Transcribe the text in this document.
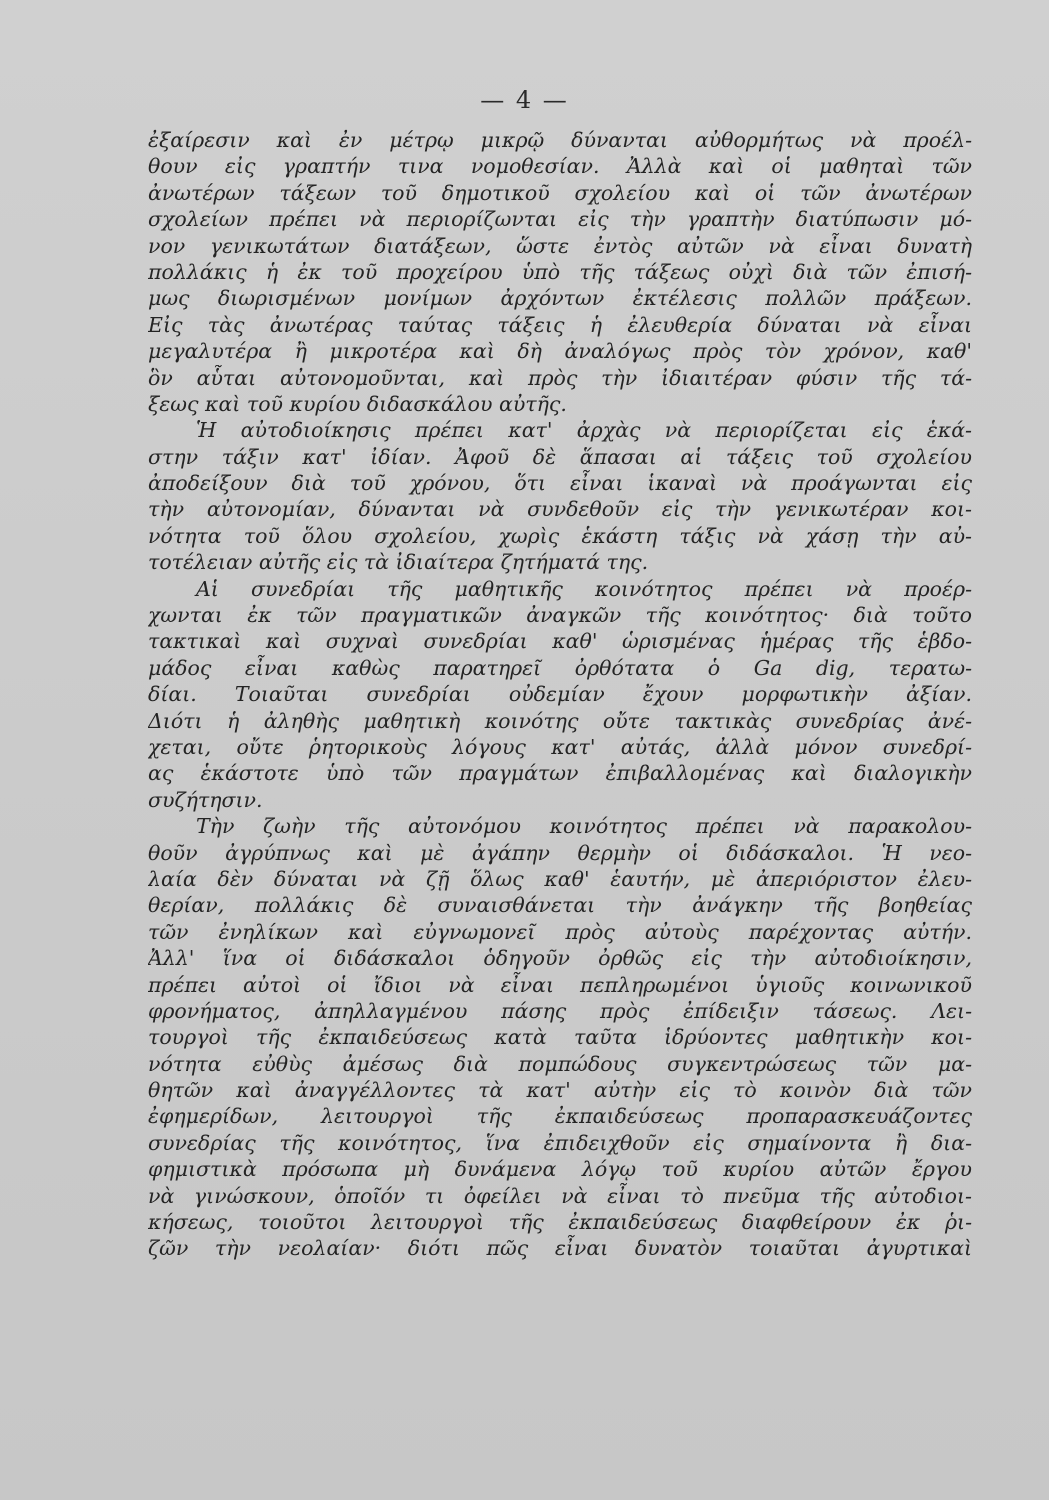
— 4 —
ἐξαίρεσιν καὶ ἐν μέτρῳ μικρῷ δύνανται αὐθορμήτως νὰ προέλ-
θουν εἰς γραπτήν τινα νομοθεσίαν. Ἀλλὰ καὶ οἱ μαθηταὶ τῶν
ἀνωτέρων τάξεων τοῦ δημοτικοῦ σχολείου καὶ οἱ τῶν ἀνωτέρων
σχολείων πρέπει νὰ περιορίζωνται εἰς τὴν γραπτὴν διατύπωσιν μό-
νον γενικωτάτων διατάξεων, ὥστε ἐντὸς αὐτῶν νὰ εἶναι δυνατὴ
πολλάκις ἡ ἐκ τοῦ προχείρου ὑπὸ τῆς τάξεως οὐχὶ διὰ τῶν ἐπισή-
μως διωρισμένων μονίμων ἀρχόντων ἐκτέλεσις πολλῶν πράξεων.
Εἰς τὰς ἀνωτέρας ταύτας τάξεις ἡ ἐλευθερία δύναται νὰ εἶναι
μεγαλυτέρα ἢ μικροτέρα καὶ δὴ ἀναλόγως πρὸς τὸν χρόνον, καθ'
ὃν αὗται αὐτονομοῦνται, καὶ πρὸς τὴν ἰδιαιτέραν φύσιν τῆς τά-
ξεως καὶ τοῦ κυρίου διδασκάλου αὐτῆς.
Ἡ αὐτοδιοίκησις πρέπει κατ' ἀρχὰς νὰ περιορίζεται εἰς ἑκά-
στην τάξιν κατ' ἰδίαν. Ἀφοῦ δὲ ἅπασαι αἱ τάξεις τοῦ σχολείου
ἀποδείξουν διὰ τοῦ χρόνου, ὅτι εἶναι ἱκαναὶ νὰ προάγωνται εἰς
τὴν αὐτονομίαν, δύνανται νὰ συνδεθοῦν εἰς τὴν γενικωτέραν κοι-
νότητα τοῦ ὅλου σχολείου, χωρὶς ἑκάστη τάξις νὰ χάσῃ τὴν αὐ-
τοτέλειαν αὐτῆς εἰς τὰ ἰδιαίτερα ζητήματά της.
Αἱ συνεδρίαι τῆς μαθητικῆς κοινότητος πρέπει νὰ προέρ-
χωνται ἐκ τῶν πραγματικῶν ἀναγκῶν τῆς κοινότητος· διὰ τοῦτο
τακτικαὶ καὶ συχναὶ συνεδρίαι καθ' ὡρισμένας ἡμέρας τῆς ἑβδο-
μάδος εἶναι καθὼς παρατηρεῖ ὀρθότατα ὁ Ga dig, τερατω-
δίαι. Τοιαῦται συνεδρίαι οὐδεμίαν ἔχουν μορφωτικὴν ἀξίαν.
Διότι ἡ ἀληθὴς μαθητικὴ κοινότης οὔτε τακτικὰς συνεδρίας ἀνέ-
χεται, οὔτε ῥητορικοὺς λόγους κατ' αὐτάς, ἀλλὰ μόνον συνεδρί-
ας ἑκάστοτε ὑπὸ τῶν πραγμάτων ἐπιβαλλομένας καὶ διαλογικὴν
συζήτησιν.
Τὴν ζωὴν τῆς αὐτονόμου κοινότητος πρέπει νὰ παρακολου-
θοῦν ἀγρύπνως καὶ μὲ ἀγάπην θερμὴν οἱ διδάσκαλοι. Ἡ νεο-
λαία δὲν δύναται νὰ ζῇ ὅλως καθ' ἑαυτήν, μὲ ἀπεριόριστον ἐλευ-
θερίαν, πολλάκις δὲ συναισθάνεται τὴν ἀνάγκην τῆς βοηθείας
τῶν ἐνηλίκων καὶ εὐγνωμονεῖ πρὸς αὐτοὺς παρέχοντας αὐτήν.
Ἀλλ' ἵνα οἱ διδάσκαλοι ὁδηγοῦν ὀρθῶς εἰς τὴν αὐτοδιοίκησιν,
πρέπει αὐτοὶ οἱ ἴδιοι νὰ εἶναι πεπληρωμένοι ὑγιοῦς κοινωνικοῦ
φρονήματος, ἀπηλλαγμένου πάσης πρὸς ἐπίδειξιν τάσεως. Λει-
τουργοὶ τῆς ἐκπαιδεύσεως κατὰ ταῦτα ἱδρύοντες μαθητικὴν κοι-
νότητα εὐθὺς ἀμέσως διὰ πομπώδους συγκεντρώσεως τῶν μα-
θητῶν καὶ ἀναγγέλλοντες τὰ κατ' αὐτὴν εἰς τὸ κοινὸν διὰ τῶν
ἐφημερίδων, λειτουργοὶ τῆς ἐκπαιδεύσεως προπαρασκευάζοντες
συνεδρίας τῆς κοινότητος, ἵνα ἐπιδειχθοῦν εἰς σημαίνοντα ἢ δια-
φημιστικὰ πρόσωπα μὴ δυνάμενα λόγῳ τοῦ κυρίου αὐτῶν ἔργου
νὰ γινώσκουν, ὁποῖόν τι ὀφείλει νὰ εἶναι τὸ πνεῦμα τῆς αὐτοδιοι-
κήσεως, τοιοῦτοι λειτουργοὶ τῆς ἐκπαιδεύσεως διαφθείρουν ἐκ ῥι-
ζῶν τὴν νεολαίαν· διότι πῶς εἶναι δυνατὸν τοιαῦται ἀγυρτικαὶ
